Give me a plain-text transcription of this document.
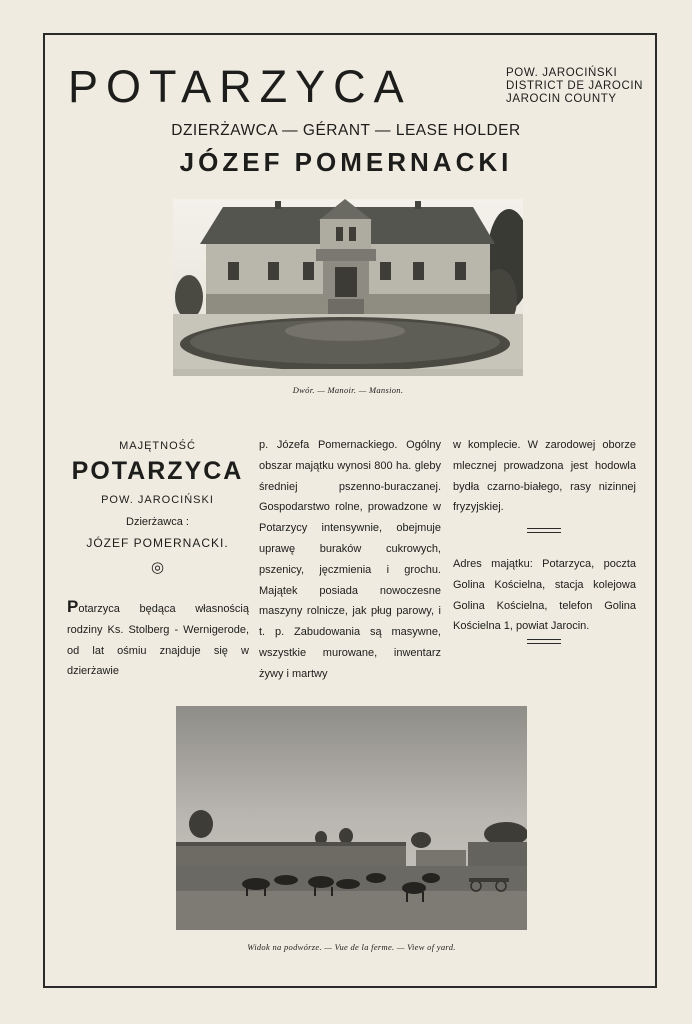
POTARZYCA	POW. JAROCIŃSKI
DISTRICT DE JAROCIN
JAROCIN COUNTY
DZIERŻAWCA — GÉRANT — LEASE HOLDER
JÓZEF POMERNACKI
Dwór. — Manoir. — Mansion.
MAJĘTNOŚĆ
POTARZYCA
POW. JAROCIŃSKI
Dzierżawca :
JÓZEF POMERNACKI.
◎
Potarzyca będąca własnością rodziny Ks. Stolberg - Wernigerode, od lat ośmiu znajduje się w dzierżawie
p. Józefa Pomernackiego. Ogólny obszar majątku wynosi 800 ha. gleby średniej pszenno-buraczanej. Gospodarstwo rolne, prowadzone w Potarzycy intensywnie, obejmuje uprawę buraków cukrowych, pszenicy, jęczmienia i grochu. Majątek posiada nowoczesne maszyny rolnicze, jak pług parowy, i t. p. Zabudowania są masywne, wszystkie murowane, inwentarz żywy i martwy
w komplecie. W zarodowej oborze mlecznej prowadzona jest hodowla bydła czarno-białego, rasy nizinnej fryzyjskiej.
Adres majątku: Potarzyca, poczta Golina Kościelna, stacja kolejowa Golina Kościelna, telefon Golina Kościelna 1, powiat Jarocin.
Widok na podwórze. — Vue de la ferme. — View of yard.
